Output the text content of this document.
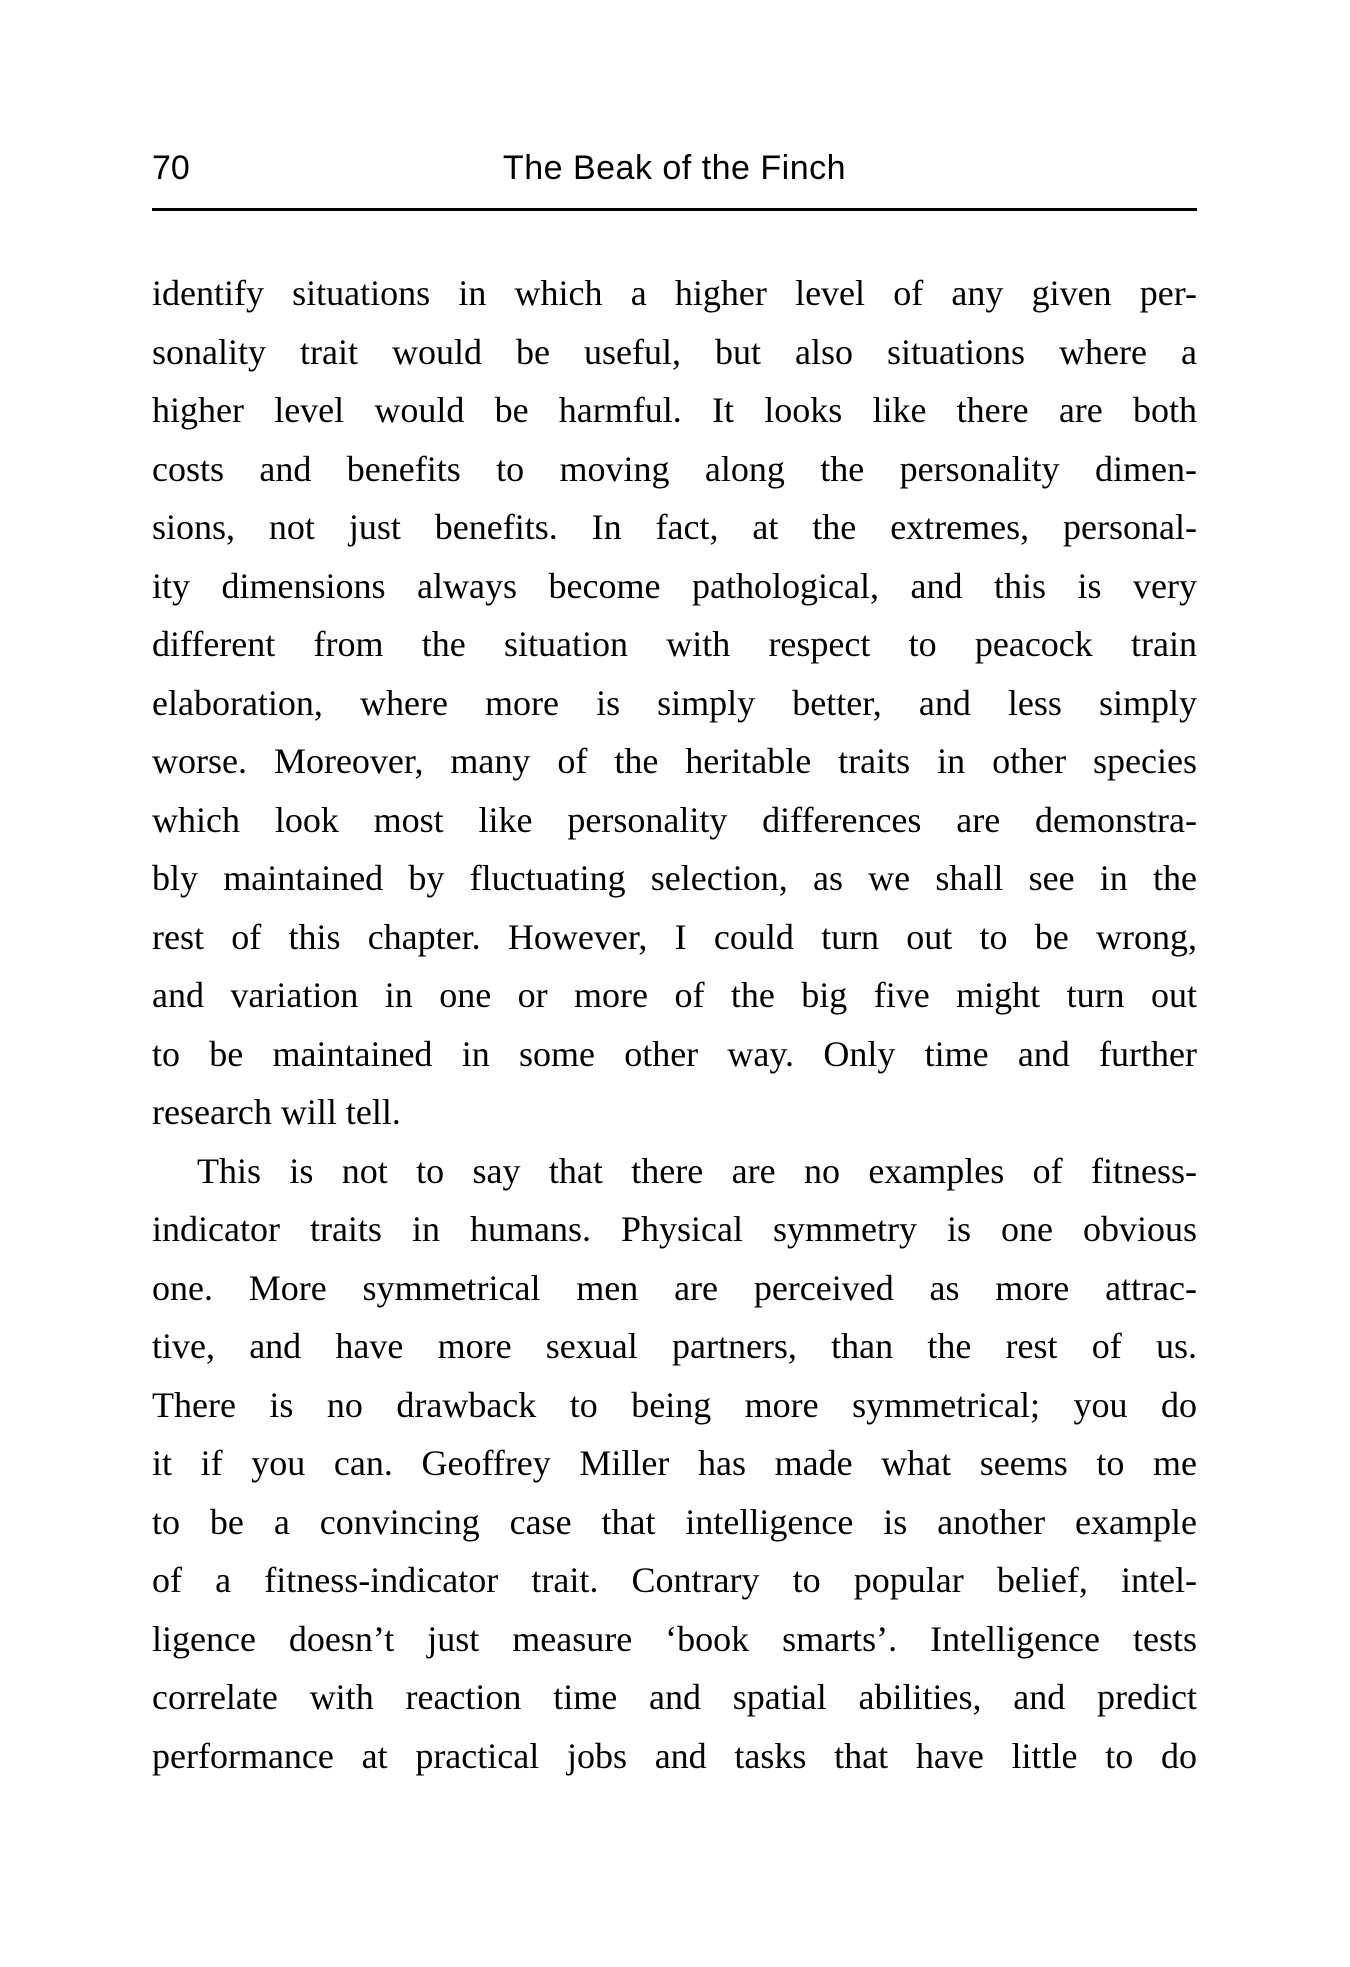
70	The Beak of the Finch
identify situations in which a higher level of any given per-
sonality trait would be useful, but also situations where a
higher level would be harmful. It looks like there are both
costs and benefits to moving along the personality dimen-
sions, not just benefits. In fact, at the extremes, personal-
ity dimensions always become pathological, and this is very
different from the situation with respect to peacock train
elaboration, where more is simply better, and less simply
worse. Moreover, many of the heritable traits in other species
which look most like personality differences are demonstra-
bly maintained by fluctuating selection, as we shall see in the
rest of this chapter. However, I could turn out to be wrong,
and variation in one or more of the big five might turn out
to be maintained in some other way. Only time and further
research will tell.
This is not to say that there are no examples of fitness-
indicator traits in humans. Physical symmetry is one obvious
one. More symmetrical men are perceived as more attrac-
tive, and have more sexual partners, than the rest of us.
There is no drawback to being more symmetrical; you do
it if you can. Geoffrey Miller has made what seems to me
to be a convincing case that intelligence is another example
of a fitness-indicator trait. Contrary to popular belief, intel-
ligence doesn’t just measure ‘book smarts’. Intelligence tests
correlate with reaction time and spatial abilities, and predict
performance at practical jobs and tasks that have little to do
